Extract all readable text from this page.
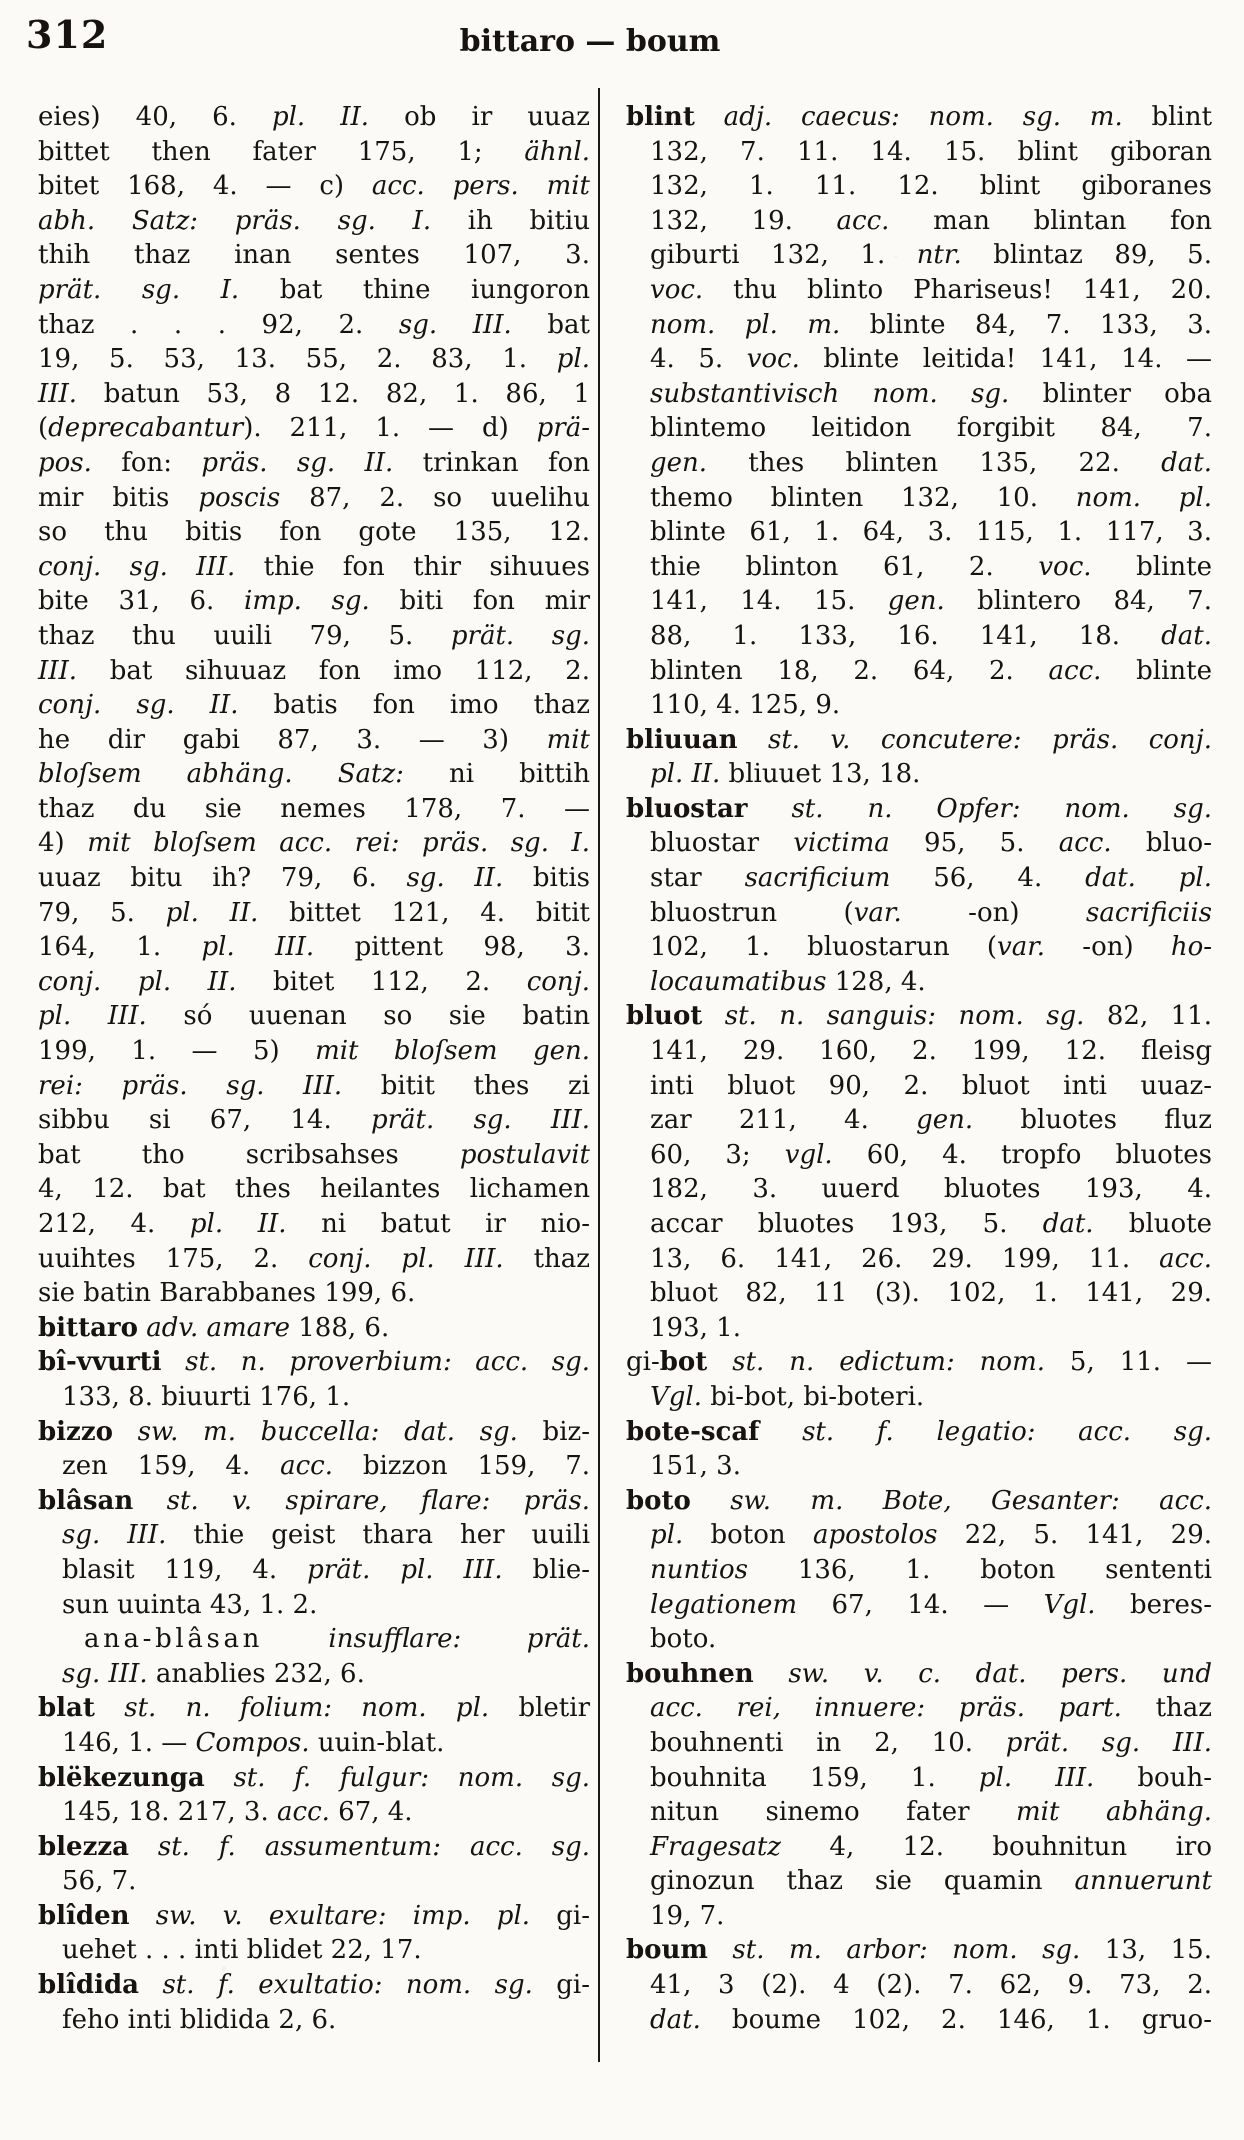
312	bittaro — boum
eies) 40, 6. pl. II. ob ir uuaz
bittet then fater 175, 1; ähnl.
bitet 168, 4. — c) acc. pers. mit
abh. Satz: präs. sg. I. ih bitiu
thih thaz inan sentes 107, 3.
prät. sg. I. bat thine iungoron
thaz . . . 92, 2. sg. III. bat
19, 5. 53, 13. 55, 2. 83, 1. pl.
III. batun 53, 8 12. 82, 1. 86, 1
(deprecabantur). 211, 1. — d) prä-
pos. fon: präs. sg. II. trinkan fon
mir bitis poscis 87, 2. so uuelihu
so thu bitis fon gote 135, 12.
conj. sg. III. thie fon thir sihuues
bite 31, 6. imp. sg. biti fon mir
thaz thu uuili 79, 5. prät. sg.
III. bat sihuuaz fon imo 112, 2.
conj. sg. II. batis fon imo thaz
he dir gabi 87, 3. — 3) mit
bloſsem abhäng. Satz: ni bittih
thaz du sie nemes 178, 7. —
4) mit bloſsem acc. rei: präs. sg. I.
uuaz bitu ih? 79, 6. sg. II. bitis
79, 5. pl. II. bittet 121, 4. bitit
164, 1. pl. III. pittent 98, 3.
conj. pl. II. bitet 112, 2. conj.
pl. III. só uuenan so sie batin
199, 1. — 5) mit bloſsem gen.
rei: präs. sg. III. bitit thes zi
sibbu si 67, 14. prät. sg. III.
bat tho scribsahses postulavit
4, 12. bat thes heilantes lichamen
212, 4. pl. II. ni batut ir nio-
uuihtes 175, 2. conj. pl. III. thaz
sie batin Barabbanes 199, 6.
bittaro adv. amare 188, 6.
bî-vvurti st. n. proverbium: acc. sg.
133, 8. biuurti 176, 1.
bizzo sw. m. buccella: dat. sg. biz-
zen 159, 4. acc. bizzon 159, 7.
blâsan st. v. spirare, flare: präs.
sg. III. thie geist thara her uuili
blasit 119, 4. prät. pl. III. blie-
sun uuinta 43, 1. 2.
ana-blâsan	insufflare: prät.
sg. III. anablies 232, 6.
blat st. n. folium: nom. pl. bletir
146, 1. — Compos. uuin-blat.
blëkezunga st. f. fulgur: nom. sg.
145, 18. 217, 3. acc. 67, 4.
blezza st. f. assumentum: acc. sg.
56, 7.
blîden sw. v. exultare: imp. pl. gi-
uehet . . . inti blidet 22, 17.
blîdida st. f. exultatio: nom. sg. gi-
feho inti blidida 2, 6.
blint adj. caecus: nom. sg. m. blint
132, 7. 11. 14. 15. blint giboran
132, 1. 11. 12. blint giboranes
132, 19. acc. man blintan fon
giburti 132, 1. ntr. blintaz 89, 5.
voc. thu blinto Phariseus! 141, 20.
nom. pl. m. blinte 84, 7. 133, 3.
4. 5. voc. blinte leitida! 141, 14. —
substantivisch nom. sg. blinter oba
blintemo leitidon forgibit 84, 7.
gen. thes blinten 135, 22. dat.
themo blinten 132, 10. nom. pl.
blinte 61, 1. 64, 3. 115, 1. 117, 3.
thie blinton 61, 2. voc. blinte
141, 14. 15. gen. blintero 84, 7.
88, 1. 133, 16. 141, 18. dat.
blinten 18, 2. 64, 2. acc. blinte
110, 4. 125, 9.
bliuuan st. v. concutere: präs. conj.
pl. II. bliuuet 13, 18.
bluostar st. n. Opfer: nom. sg.
bluostar victima 95, 5. acc. bluo-
star sacrificium 56, 4. dat. pl.
bluostrun (var. -on) sacrificiis
102, 1. bluostarun (var. -on) ho-
locaumatibus 128, 4.
bluot st. n. sanguis: nom. sg. 82, 11.
141, 29. 160, 2. 199, 12. fleisg
inti bluot 90, 2. bluot inti uuaz-
zar 211, 4. gen. bluotes fluz
60, 3; vgl. 60, 4. tropfo bluotes
182, 3. uuerd bluotes 193, 4.
accar bluotes 193, 5. dat. bluote
13, 6. 141, 26. 29. 199, 11. acc.
bluot 82, 11 (3). 102, 1. 141, 29.
193, 1.
gi-bot st. n. edictum: nom. 5, 11. —
Vgl. bi-bot, bi-boteri.
bote-scaf st. f. legatio: acc. sg.
151, 3.
boto sw. m. Bote, Gesanter: acc.
pl. boton apostolos 22, 5. 141, 29.
nuntios 136, 1. boton sententi
legationem 67, 14. — Vgl. beres-
boto.
bouhnen sw. v. c. dat. pers. und
acc. rei, innuere: präs. part. thaz
bouhnenti in 2, 10. prät. sg. III.
bouhnita 159, 1. pl. III. bouh-
nitun sinemo fater mit abhäng.
Fragesatz 4, 12. bouhnitun iro
ginozun thaz sie quamin annuerunt
19, 7.
boum st. m. arbor: nom. sg. 13, 15.
41, 3 (2). 4 (2). 7. 62, 9. 73, 2.
dat. boume 102, 2. 146, 1. gruo-
